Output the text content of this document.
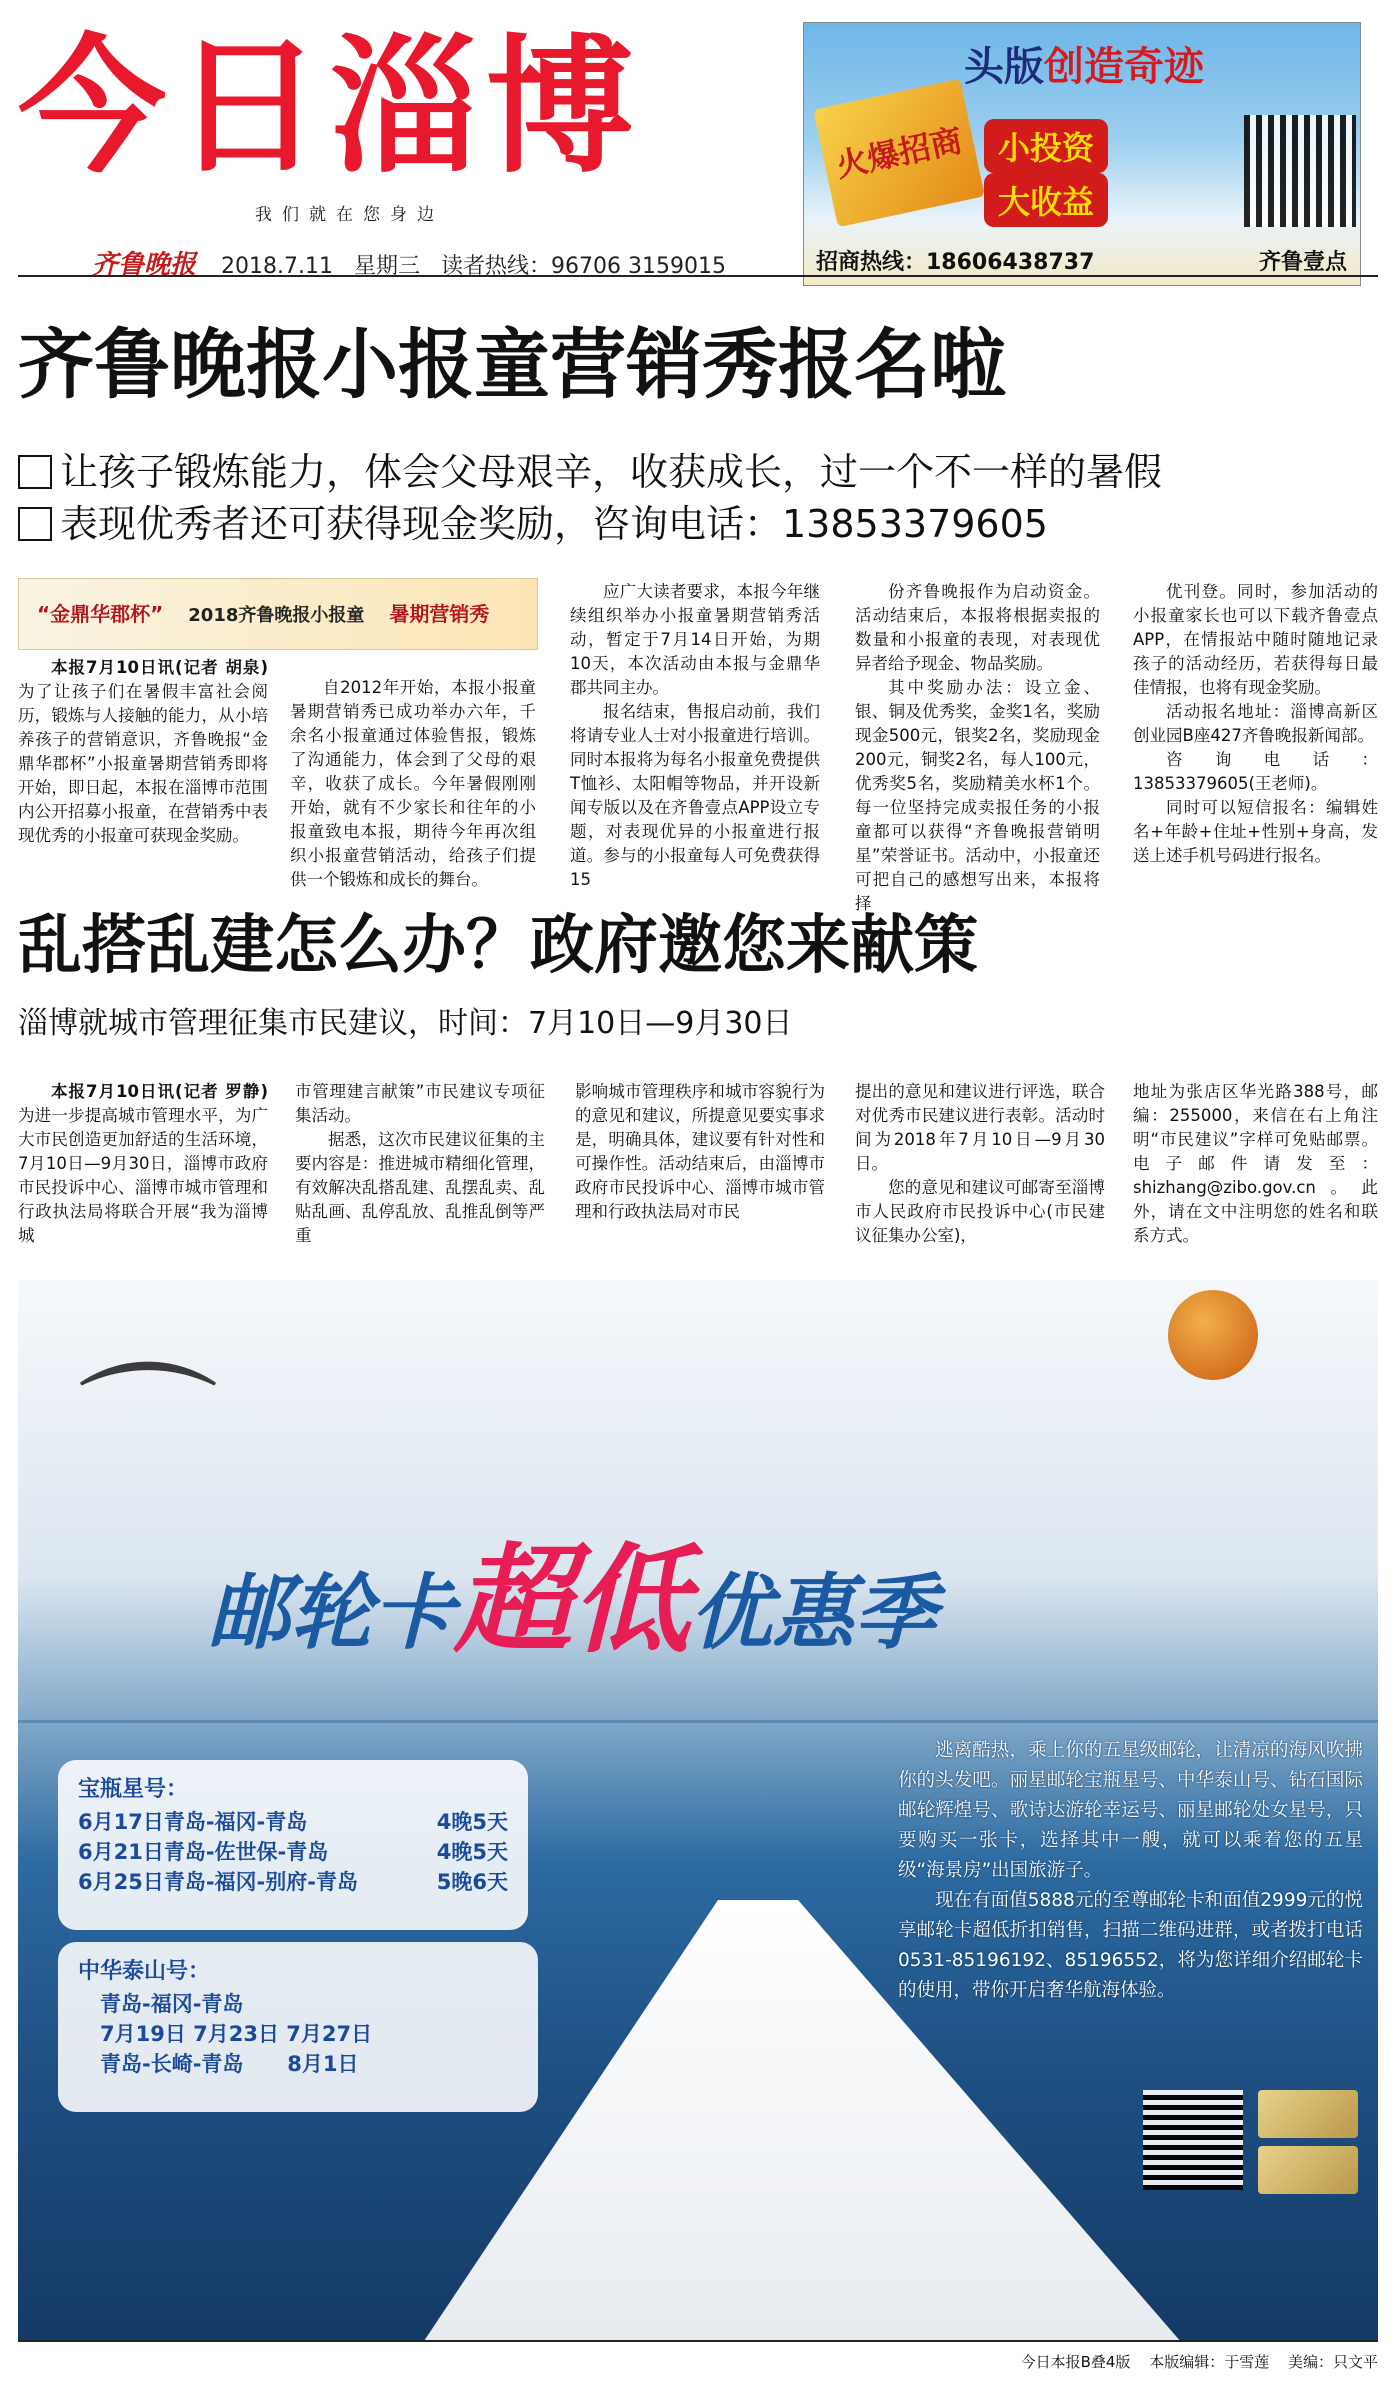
今日淄博
我们就在您身边
齐鲁晚报 2018.7.11 星期三 读者热线：96706 3159015
火爆招商
头版创造奇迹
小投资
大收益
招商热线：18606438737	齐鲁壹点
齐鲁晚报小报童营销秀报名啦
让孩子锻炼能力，体会父母艰辛，收获成长，过一个不一样的暑假
表现优秀者还可获得现金奖励，咨询电话：13853379605
“金鼎华郡杯” 2018齐鲁晚报小报童 暑期营销秀

本报7月10日讯(记者 胡泉) 为了让孩子们在暑假丰富社会阅历，锻炼与人接触的能力，从小培养孩子的营销意识，齐鲁晚报“金鼎华郡杯”小报童暑期营销秀即将开始，即日起，本报在淄博市范围内公开招募小报童，在营销秀中表现优秀的小报童可获现金奖励。

自2012年开始，本报小报童暑期营销秀已成功举办六年，千余名小报童通过体验售报，锻炼了沟通能力，体会到了父母的艰辛，收获了成长。今年暑假刚刚开始，就有不少家长和往年的小报童致电本报，期待今年再次组织小报童营销活动，给孩子们提供一个锻炼和成长的舞台。

应广大读者要求，本报今年继续组织举办小报童暑期营销秀活动，暂定于7月14日开始，为期10天，本次活动由本报与金鼎华郡共同主办。

报名结束，售报启动前，我们将请专业人士对小报童进行培训。同时本报将为每名小报童免费提供T恤衫、太阳帽等物品，并开设新闻专版以及在齐鲁壹点APP设立专题，对表现优异的小报童进行报道。参与的小报童每人可免费获得15

份齐鲁晚报作为启动资金。活动结束后，本报将根据卖报的数量和小报童的表现，对表现优异者给予现金、物品奖励。

其中奖励办法：设立金、银、铜及优秀奖，金奖1名，奖励现金500元，银奖2名，奖励现金200元，铜奖2名，每人100元，优秀奖5名，奖励精美水杯1个。每一位坚持完成卖报任务的小报童都可以获得“齐鲁晚报营销明星”荣誉证书。活动中，小报童还可把自己的感想写出来，本报将择

优刊登。同时，参加活动的小报童家长也可以下载齐鲁壹点APP，在情报站中随时随地记录孩子的活动经历，若获得每日最佳情报，也将有现金奖励。

活动报名地址：淄博高新区创业园B座427齐鲁晚报新闻部。

咨询电话：13853379605(王老师)。

同时可以短信报名：编辑姓名+年龄+住址+性别+身高，发送上述手机号码进行报名。

乱搭乱建怎么办？政府邀您来献策
淄博就城市管理征集市民建议，时间：7月10日—9月30日

本报7月10日讯(记者 罗静) 为进一步提高城市管理水平，为广大市民创造更加舒适的生活环境，7月10日—9月30日，淄博市政府市民投诉中心、淄博市城市管理和行政执法局将联合开展“我为淄博城

市管理建言献策”市民建议专项征集活动。

据悉，这次市民建议征集的主要内容是：推进城市精细化管理，有效解决乱搭乱建、乱摆乱卖、乱贴乱画、乱停乱放、乱推乱倒等严重

影响城市管理秩序和城市容貌行为的意见和建议，所提意见要实事求是，明确具体，建议要有针对性和可操作性。活动结束后，由淄博市政府市民投诉中心、淄博市城市管理和行政执法局对市民

提出的意见和建议进行评选，联合对优秀市民建议进行表彰。活动时间为2018年7月10日—9月30日。

您的意见和建议可邮寄至淄博市人民政府市民投诉中心(市民建议征集办公室)，

地址为张店区华光路388号，邮编：255000，来信在右上角注明“市民建议”字样可免贴邮票。电子邮件请发至：shizhang@zibo.gov.cn。此外，请在文中注明您的姓名和联系方式。

⌒
邮轮卡超低优惠季
宝瓶星号：
6月17日青岛-福冈-青岛	4晚5天
6月21日青岛-佐世保-青岛	4晚5天
6月25日青岛-福冈-别府-青岛	5晚6天
中华泰山号：
青岛-福冈-青岛
7月19日 7月23日 7月27日
青岛-长崎-青岛      8月1日

逃离酷热，乘上你的五星级邮轮，让清凉的海风吹拂你的头发吧。丽星邮轮宝瓶星号、中华泰山号、钻石国际邮轮辉煌号、歌诗达游轮幸运号、丽星邮轮处女星号，只要购买一张卡，选择其中一艘，就可以乘着您的五星级“海景房”出国旅游子。

现在有面值5888元的至尊邮轮卡和面值2999元的悦享邮轮卡超低折扣销售，扫描二维码进群，或者拨打电话0531-85196192、85196552，将为您详细介绍邮轮卡的使用，带你开启奢华航海体验。

今日本报B叠4版 本版编辑：于雪莲 美编：只文平
